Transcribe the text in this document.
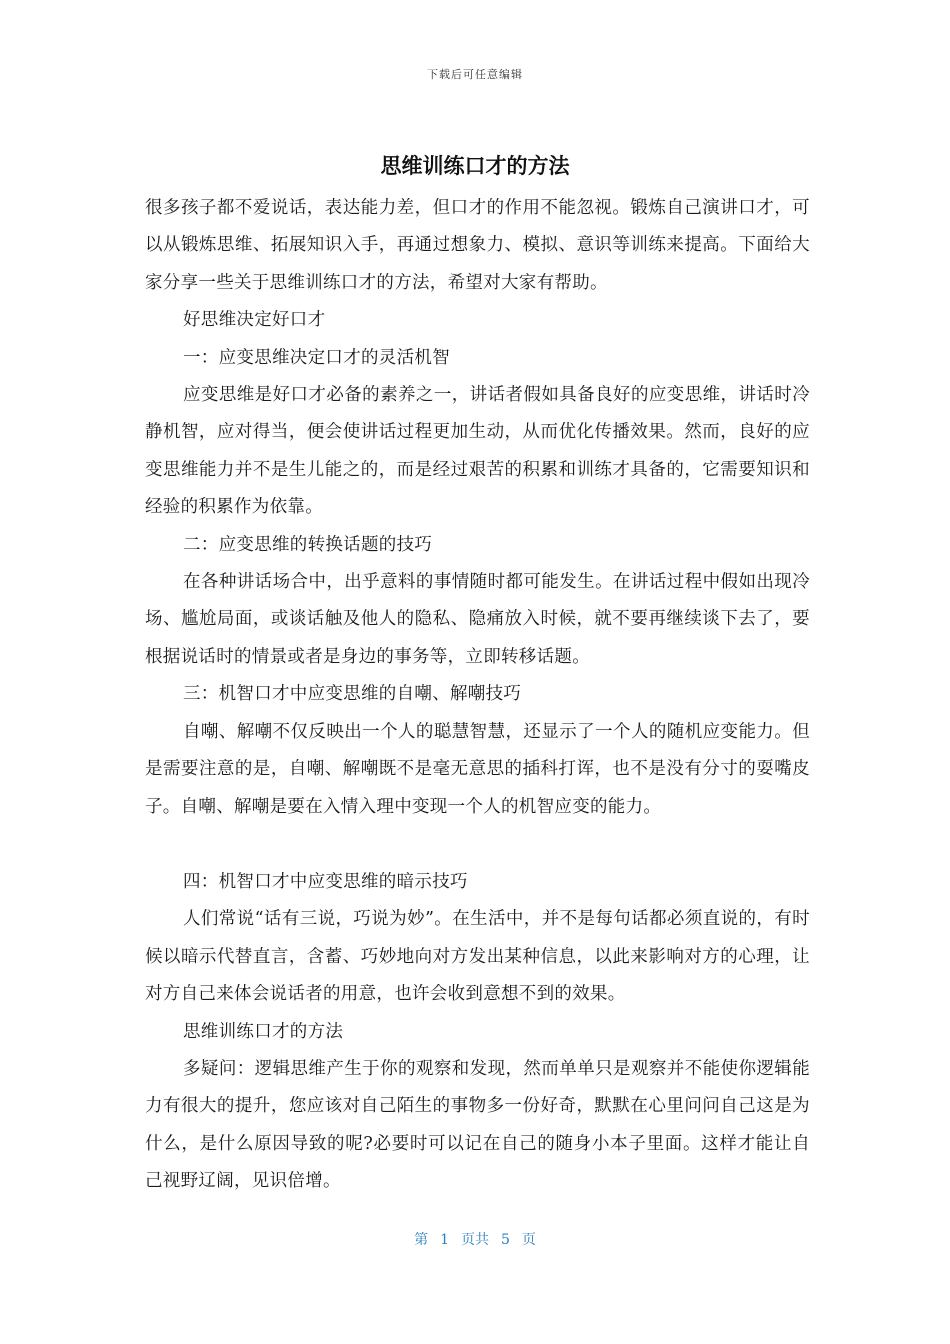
下载后可任意编辑
思维训练口才的方法

很多孩子都不爱说话，表达能力差，但口才的作用不能忽视。锻炼自己演讲口才，可以从锻炼思维、拓展知识入手，再通过想象力、模拟、意识等训练来提高。下面给大家分享一些关于思维训练口才的方法，希望对大家有帮助。

好思维决定好口才

一：应变思维决定口才的灵活机智

应变思维是好口才必备的素养之一，讲话者假如具备良好的应变思维，讲话时冷静机智，应对得当，便会使讲话过程更加生动，从而优化传播效果。然而，良好的应变思维能力并不是生儿能之的，而是经过艰苦的积累和训练才具备的，它需要知识和经验的积累作为依靠。

二：应变思维的转换话题的技巧

在各种讲话场合中，出乎意料的事情随时都可能发生。在讲话过程中假如出现冷场、尴尬局面，或谈话触及他人的隐私、隐痛放入时候，就不要再继续谈下去了，要根据说话时的情景或者是身边的事务等，立即转移话题。

三：机智口才中应变思维的自嘲、解嘲技巧

自嘲、解嘲不仅反映出一个人的聪慧智慧，还显示了一个人的随机应变能力。但是需要注意的是，自嘲、解嘲既不是毫无意思的插科打诨，也不是没有分寸的耍嘴皮子。自嘲、解嘲是要在入情入理中变现一个人的机智应变的能力。

四：机智口才中应变思维的暗示技巧

人们常说“话有三说，巧说为妙”。在生活中，并不是每句话都必须直说的，有时候以暗示代替直言，含蓄、巧妙地向对方发出某种信息，以此来影响对方的心理，让对方自己来体会说话者的用意，也许会收到意想不到的效果。

思维训练口才的方法

多疑问：逻辑思维产生于你的观察和发现，然而单单只是观察并不能使你逻辑能力有很大的提升，您应该对自己陌生的事物多一份好奇，默默在心里问问自己这是为什么，是什么原因导致的呢?必要时可以记在自己的随身小本子里面。这样才能让自己视野辽阔，见识倍增。

第 1 页共 5 页
